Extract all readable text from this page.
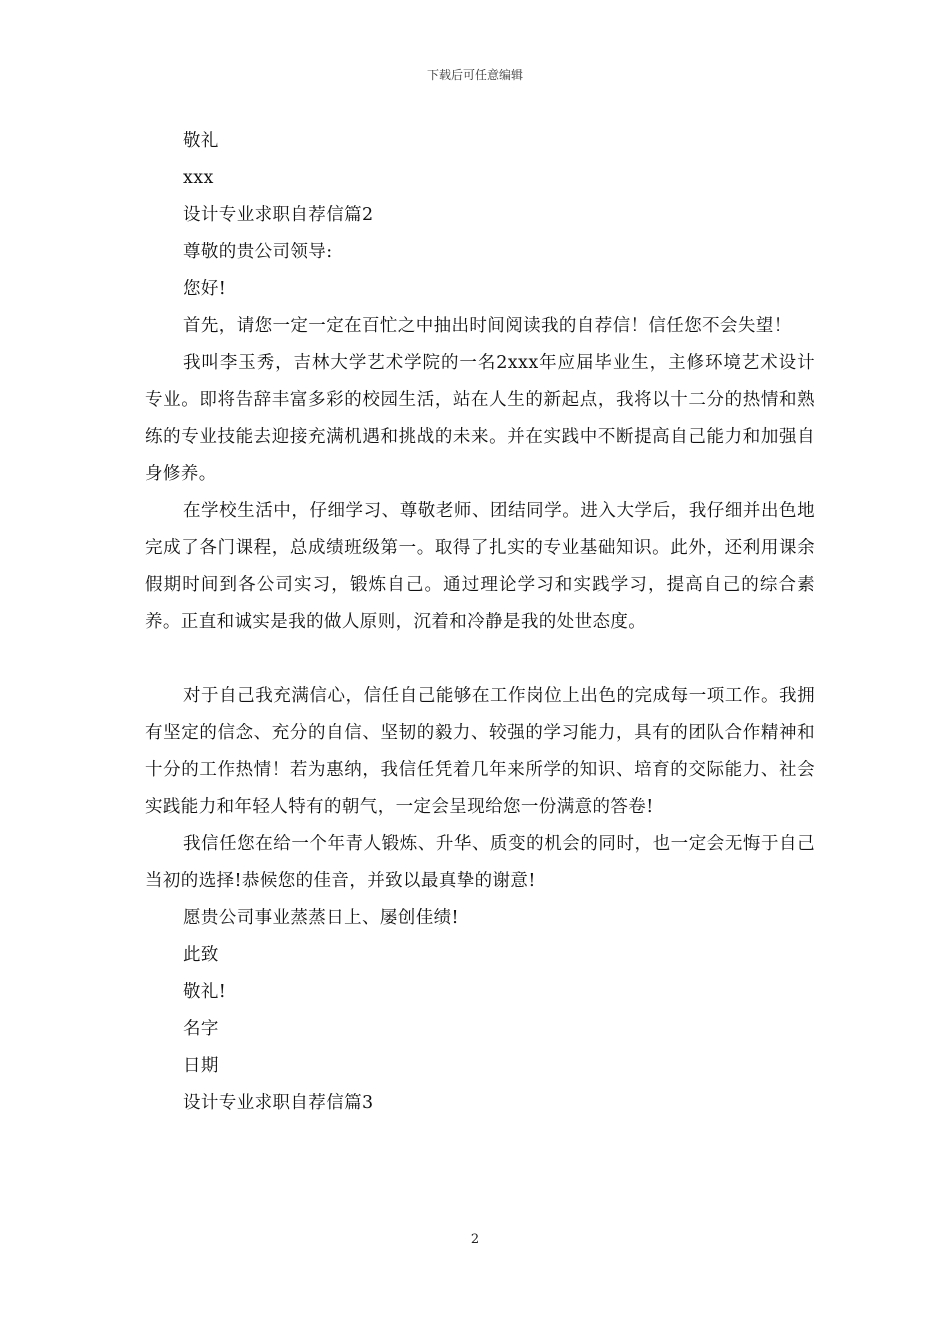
下载后可任意编辑

敬礼

xxx

设计专业求职自荐信篇2

尊敬的贵公司领导:

您好!

首先，请您一定一定在百忙之中抽出时间阅读我的自荐信！信任您不会失望！

我叫李玉秀，吉林大学艺术学院的一名2xxx年应届毕业生，主修环境艺术设计专业。即将告辞丰富多彩的校园生活，站在人生的新起点，我将以十二分的热情和熟练的专业技能去迎接充满机遇和挑战的未来。并在实践中不断提高自己能力和加强自身修养。

在学校生活中，仔细学习、尊敬老师、团结同学。进入大学后，我仔细并出色地完成了各门课程，总成绩班级第一。取得了扎实的专业基础知识。此外，还利用课余假期时间到各公司实习，锻炼自己。通过理论学习和实践学习，提高自己的综合素养。正直和诚实是我的做人原则，沉着和冷静是我的处世态度。

对于自己我充满信心，信任自己能够在工作岗位上出色的完成每一项工作。我拥有坚定的信念、充分的自信、坚韧的毅力、较强的学习能力，具有的团队合作精神和十分的工作热情！若为惠纳，我信任凭着几年来所学的知识、培育的交际能力、社会实践能力和年轻人特有的朝气，一定会呈现给您一份满意的答卷!

我信任您在给一个年青人锻炼、升华、质变的机会的同时，也一定会无悔于自己当初的选择!恭候您的佳音，并致以最真挚的谢意!

愿贵公司事业蒸蒸日上、屡创佳绩!

此致

敬礼!

名字

日期

设计专业求职自荐信篇3

2
